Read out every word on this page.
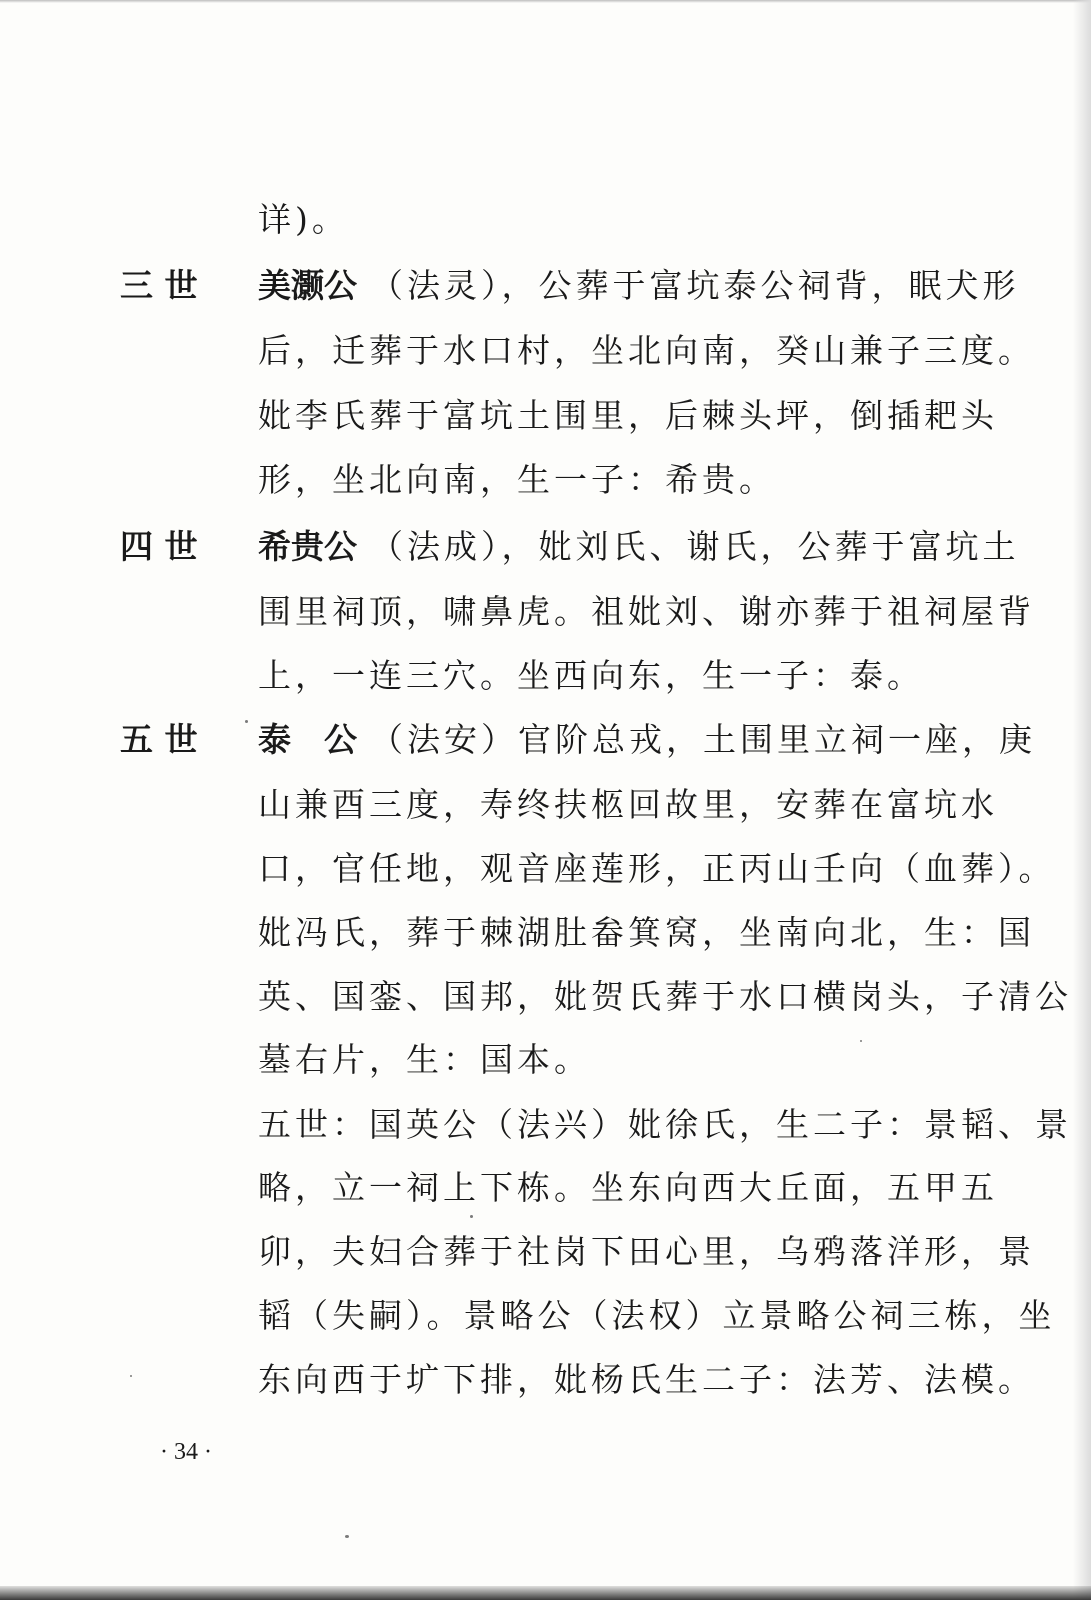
详)。
三 世 美灏公 （法灵），公葬于富坑泰公祠背，眠犬形
后，迁葬于水口村，坐北向南，癸山兼子三度。
妣李氏葬于富坑土围里，后棘头坪，倒插耙头
形，坐北向南，生一子：希贵。
四 世 希贵公 （法成），妣刘氏、谢氏，公葬于富坑土
围里祠顶，啸鼻虎。祖妣刘、谢亦葬于祖祠屋背
上，一连三穴。坐西向东，生一子：泰。
五 世 泰　公 （法安）官阶总戎，土围里立祠一座，庚
山兼酉三度，寿终扶柩回故里，安葬在富坑水
口，官任地，观音座莲形，正丙山壬向（血葬）。
妣冯氏，葬于棘湖肚畚箕窝，坐南向北，生：国
英、国銮、国邦，妣贺氏葬于水口横岗头，子清公
墓右片，生：国本。
五世：国英公（法兴）妣徐氏，生二子：景韬、景
略，立一祠上下栋。坐东向西大丘面，五甲五
卯，夫妇合葬于社岗下田心里，乌鸦落洋形，景
韬（失嗣）。景略公（法权）立景略公祠三栋，坐
东向西于圹下排，妣杨氏生二子：法芳、法模。
· 34 ·
